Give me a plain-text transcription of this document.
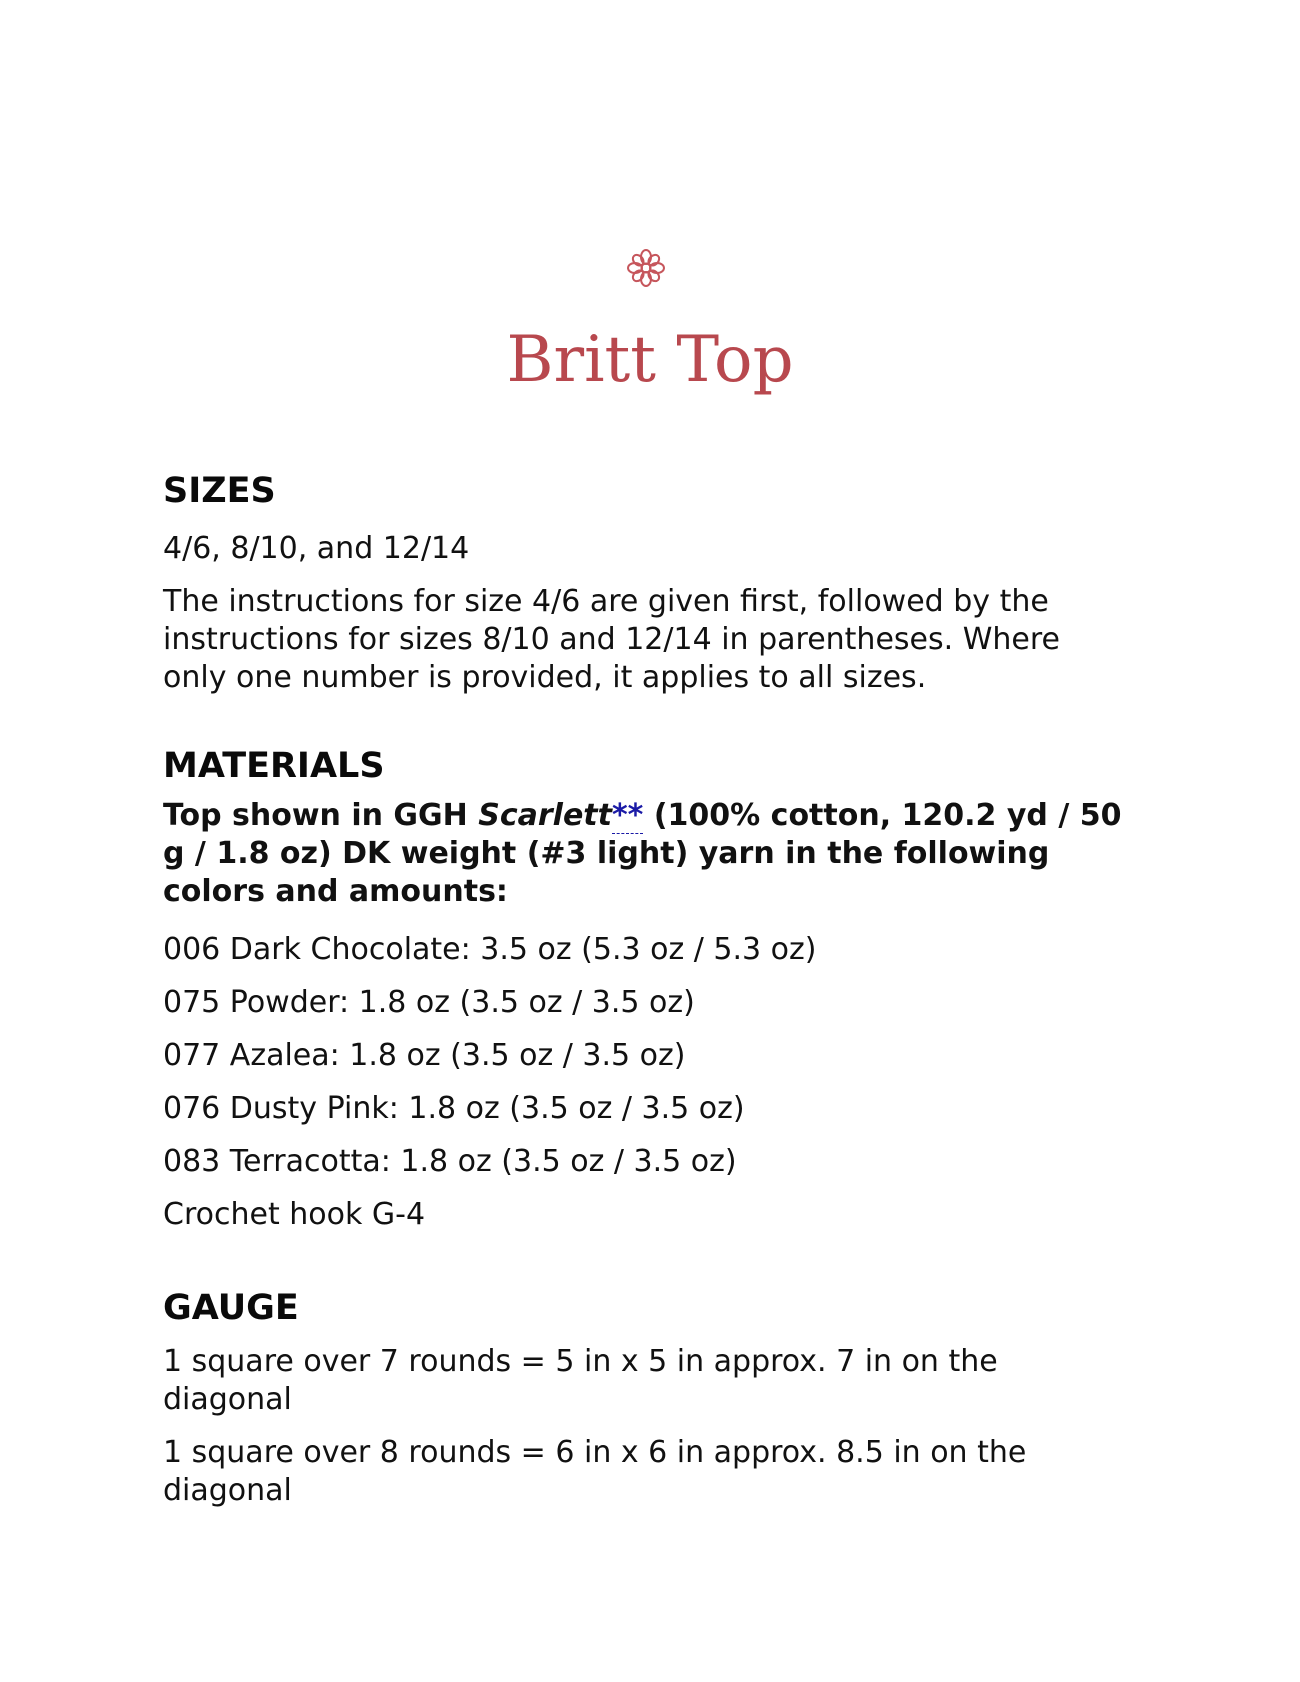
Britt Top
SIZES

4/6, 8/10, and 12/14

The instructions for size 4/6 are given first, followed by the instructions for sizes 8/10 and 12/14 in parentheses. Where only one number is provided, it applies to all sizes.

MATERIALS

Top shown in GGH Scarlett** (100% cotton, 120.2 yd / 50 g / 1.8 oz) DK weight (#3 light) yarn in the following colors and amounts:

006 Dark Chocolate: 3.5 oz (5.3 oz / 5.3 oz)

075 Powder: 1.8 oz (3.5 oz / 3.5 oz)

077 Azalea: 1.8 oz (3.5 oz / 3.5 oz)

076 Dusty Pink: 1.8 oz (3.5 oz / 3.5 oz)

083 Terracotta: 1.8 oz (3.5 oz / 3.5 oz)

Crochet hook G-4

GAUGE

1 square over 7 rounds = 5 in x 5 in approx. 7 in on the diagonal

1 square over 8 rounds = 6 in x 6 in approx. 8.5 in on the diagonal
